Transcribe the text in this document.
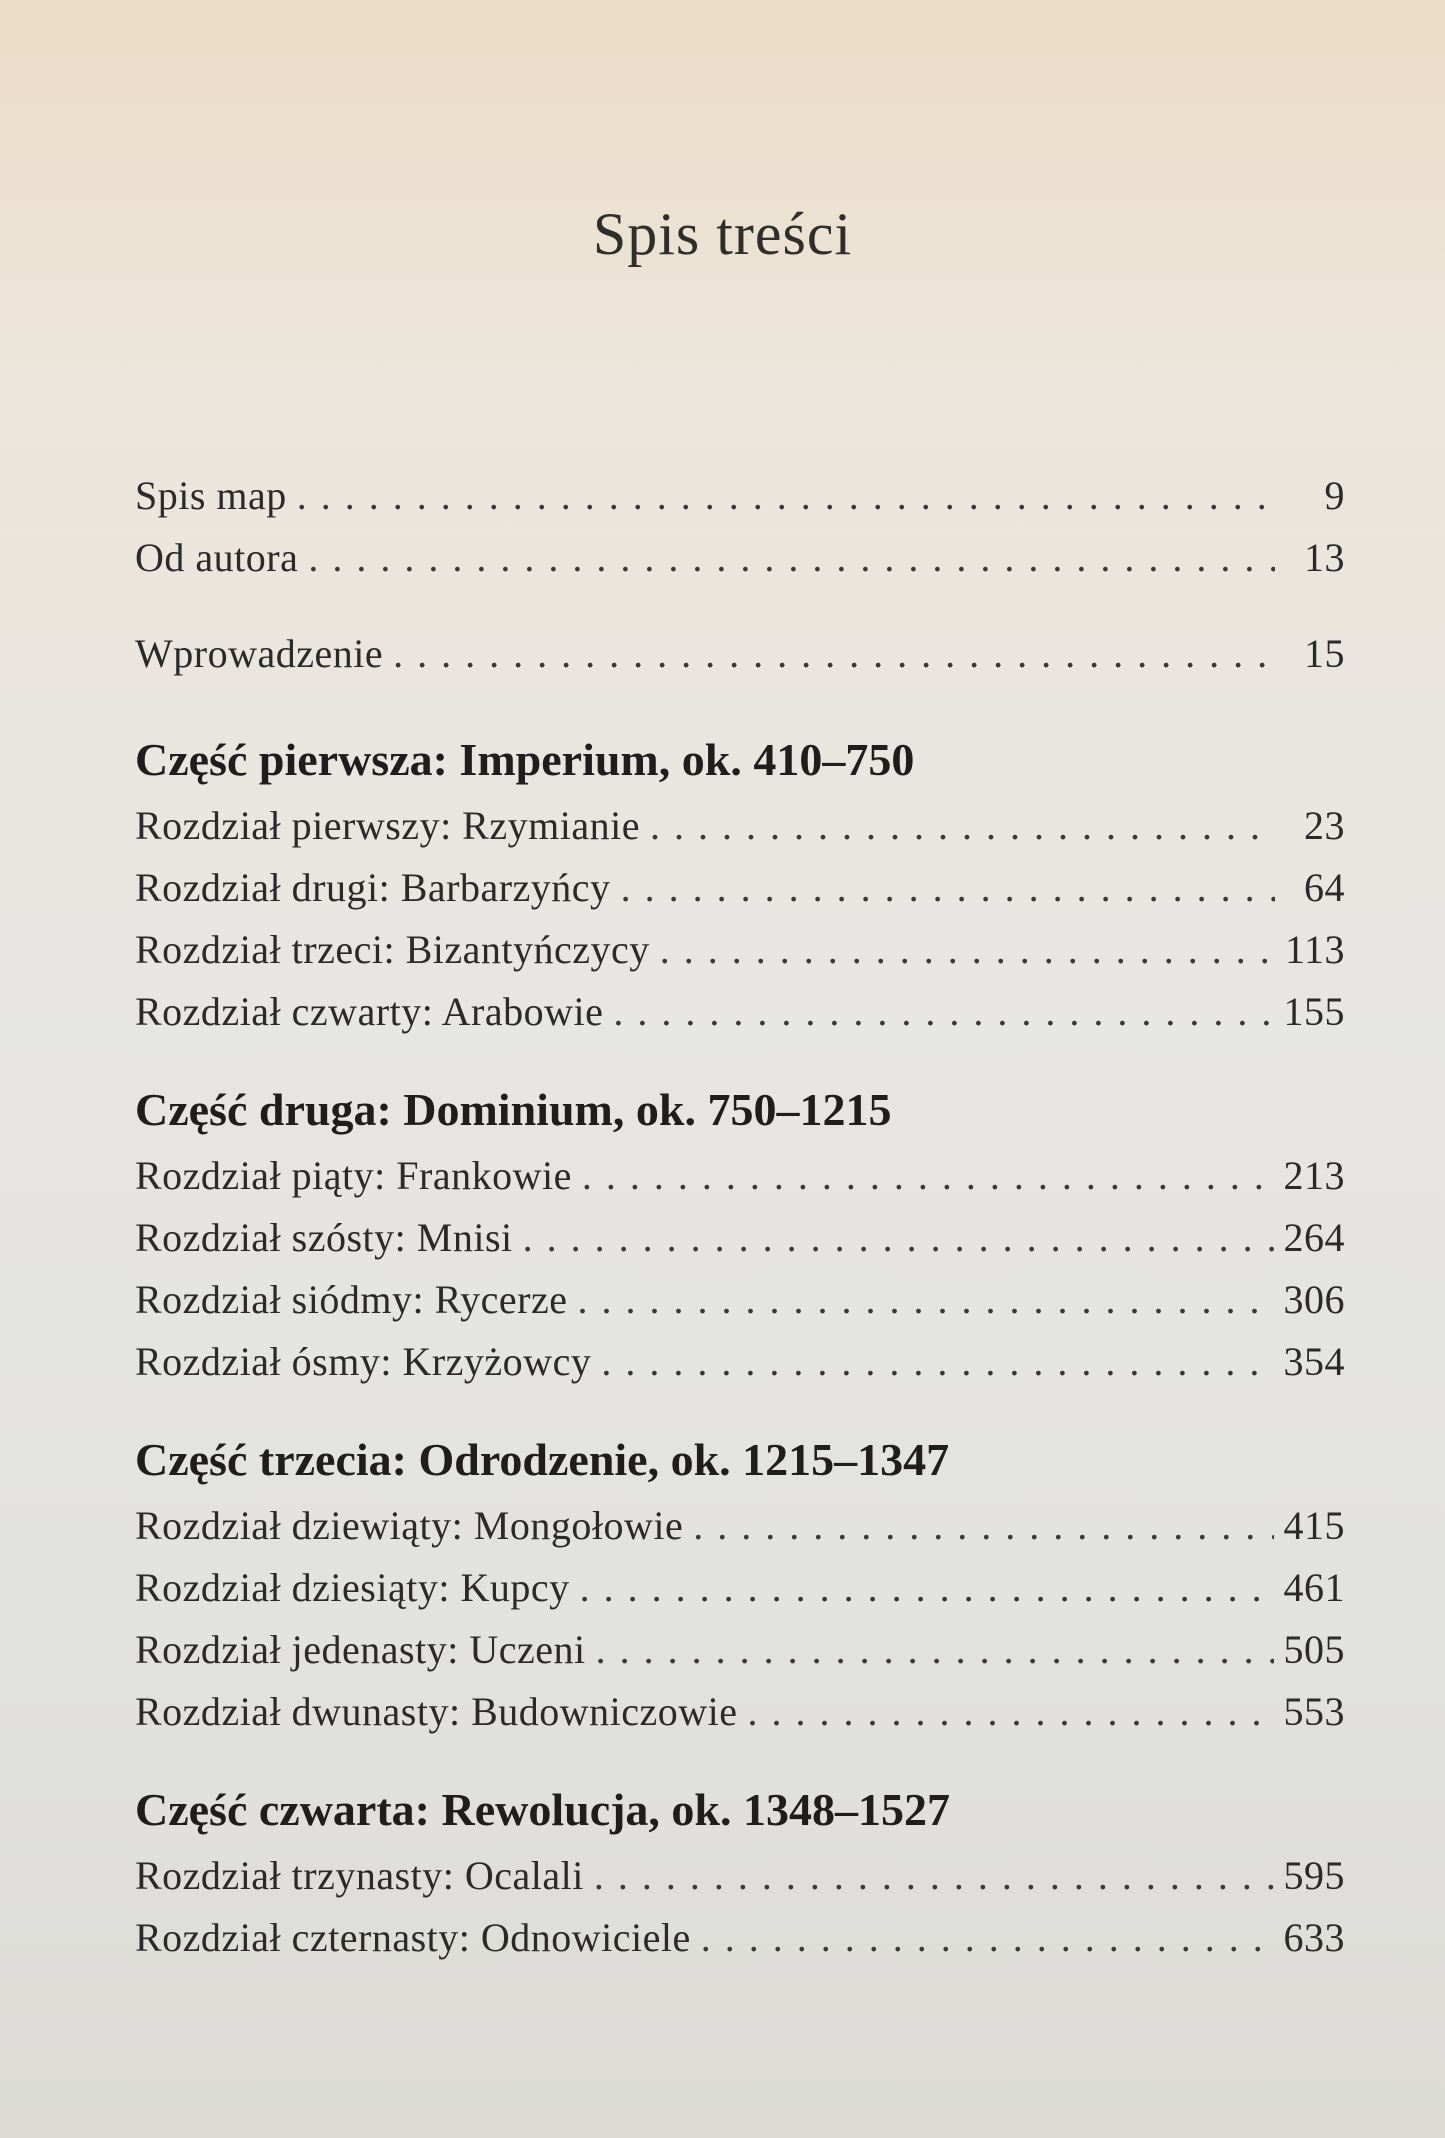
Spis treści
Spis map . . .	9
Od autora . . .	13
Wprowadzenie . . .	15
Część pierwsza: Imperium, ok. 410–750
Rozdział pierwszy: Rzymianie . . .	23
Rozdział drugi: Barbarzyńcy . . .	64
Rozdział trzeci: Bizantyńczycy . . .	113
Rozdział czwarty: Arabowie . . .	155
Część druga: Dominium, ok. 750–1215
Rozdział piąty: Frankowie . . .	213
Rozdział szósty: Mnisi . . .	264
Rozdział siódmy: Rycerze . . .	306
Rozdział ósmy: Krzyżowcy . . .	354
Część trzecia: Odrodzenie, ok. 1215–1347
Rozdział dziewiąty: Mongołowie . . .	415
Rozdział dziesiąty: Kupcy . . .	461
Rozdział jedenasty: Uczeni . . .	505
Rozdział dwunasty: Budowniczowie . . .	553
Część czwarta: Rewolucja, ok. 1348–1527
Rozdział trzynasty: Ocalali . . .	595
Rozdział czternasty: Odnowiciele . . .	633
